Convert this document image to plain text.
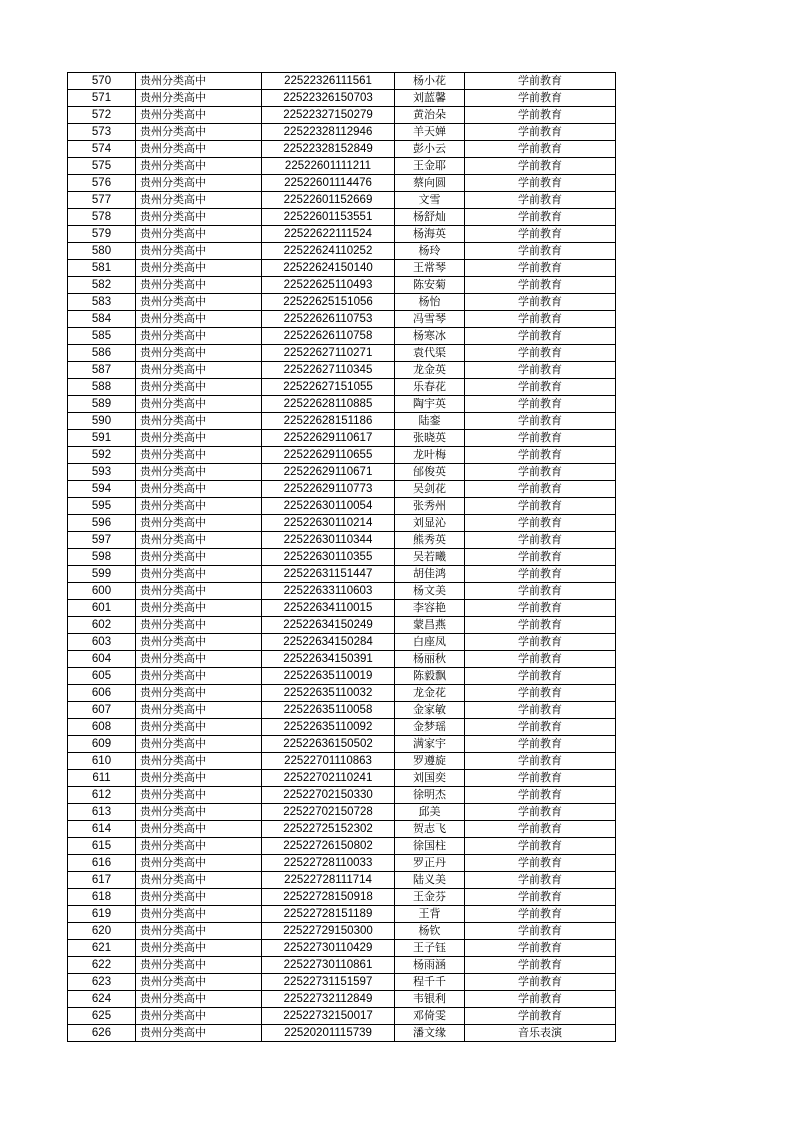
570	贵州分类高中	22522326111561	杨小花	学前教育
571	贵州分类高中	22522326150703	刘蓝馨	学前教育
572	贵州分类高中	22522327150279	黄治朵	学前教育
573	贵州分类高中	22522328112946	羊天婵	学前教育
574	贵州分类高中	22522328152849	彭小云	学前教育
575	贵州分类高中	22522601111211	王金耶	学前教育
576	贵州分类高中	22522601114476	蔡向圆	学前教育
577	贵州分类高中	22522601152669	文雪	学前教育
578	贵州分类高中	22522601153551	杨舒灿	学前教育
579	贵州分类高中	22522622111524	杨海英	学前教育
580	贵州分类高中	22522624110252	杨玲	学前教育
581	贵州分类高中	22522624150140	王常琴	学前教育
582	贵州分类高中	22522625110493	陈安菊	学前教育
583	贵州分类高中	22522625151056	杨怡	学前教育
584	贵州分类高中	22522626110753	冯雪琴	学前教育
585	贵州分类高中	22522626110758	杨寒冰	学前教育
586	贵州分类高中	22522627110271	袁代渠	学前教育
587	贵州分类高中	22522627110345	龙金英	学前教育
588	贵州分类高中	22522627151055	乐春花	学前教育
589	贵州分类高中	22522628110885	陶宇英	学前教育
590	贵州分类高中	22522628151186	陆銮	学前教育
591	贵州分类高中	22522629110617	张晓英	学前教育
592	贵州分类高中	22522629110655	龙叶梅	学前教育
593	贵州分类高中	22522629110671	邰俊英	学前教育
594	贵州分类高中	22522629110773	吴剑花	学前教育
595	贵州分类高中	22522630110054	张秀州	学前教育
596	贵州分类高中	22522630110214	刘显沁	学前教育
597	贵州分类高中	22522630110344	熊秀英	学前教育
598	贵州分类高中	22522630110355	吴若曦	学前教育
599	贵州分类高中	22522631151447	胡佳鸿	学前教育
600	贵州分类高中	22522633110603	杨文美	学前教育
601	贵州分类高中	22522634110015	李容艳	学前教育
602	贵州分类高中	22522634150249	蒙昌燕	学前教育
603	贵州分类高中	22522634150284	白座凤	学前教育
604	贵州分类高中	22522634150391	杨丽秋	学前教育
605	贵州分类高中	22522635110019	陈毅飘	学前教育
606	贵州分类高中	22522635110032	龙金花	学前教育
607	贵州分类高中	22522635110058	金家敏	学前教育
608	贵州分类高中	22522635110092	金梦瑶	学前教育
609	贵州分类高中	22522636150502	满家宇	学前教育
610	贵州分类高中	22522701110863	罗遵旋	学前教育
611	贵州分类高中	22522702110241	刘国奕	学前教育
612	贵州分类高中	22522702150330	徐明杰	学前教育
613	贵州分类高中	22522702150728	邱美	学前教育
614	贵州分类高中	22522725152302	贺志飞	学前教育
615	贵州分类高中	22522726150802	徐国柱	学前教育
616	贵州分类高中	22522728110033	罗正丹	学前教育
617	贵州分类高中	22522728111714	陆义美	学前教育
618	贵州分类高中	22522728150918	王金芬	学前教育
619	贵州分类高中	22522728151189	王背	学前教育
620	贵州分类高中	22522729150300	杨钦	学前教育
621	贵州分类高中	22522730110429	王子钰	学前教育
622	贵州分类高中	22522730110861	杨雨涵	学前教育
623	贵州分类高中	22522731151597	程千千	学前教育
624	贵州分类高中	22522732112849	韦银利	学前教育
625	贵州分类高中	22522732150017	邓倚雯	学前教育
626	贵州分类高中	22520201115739	潘文缘	音乐表演
